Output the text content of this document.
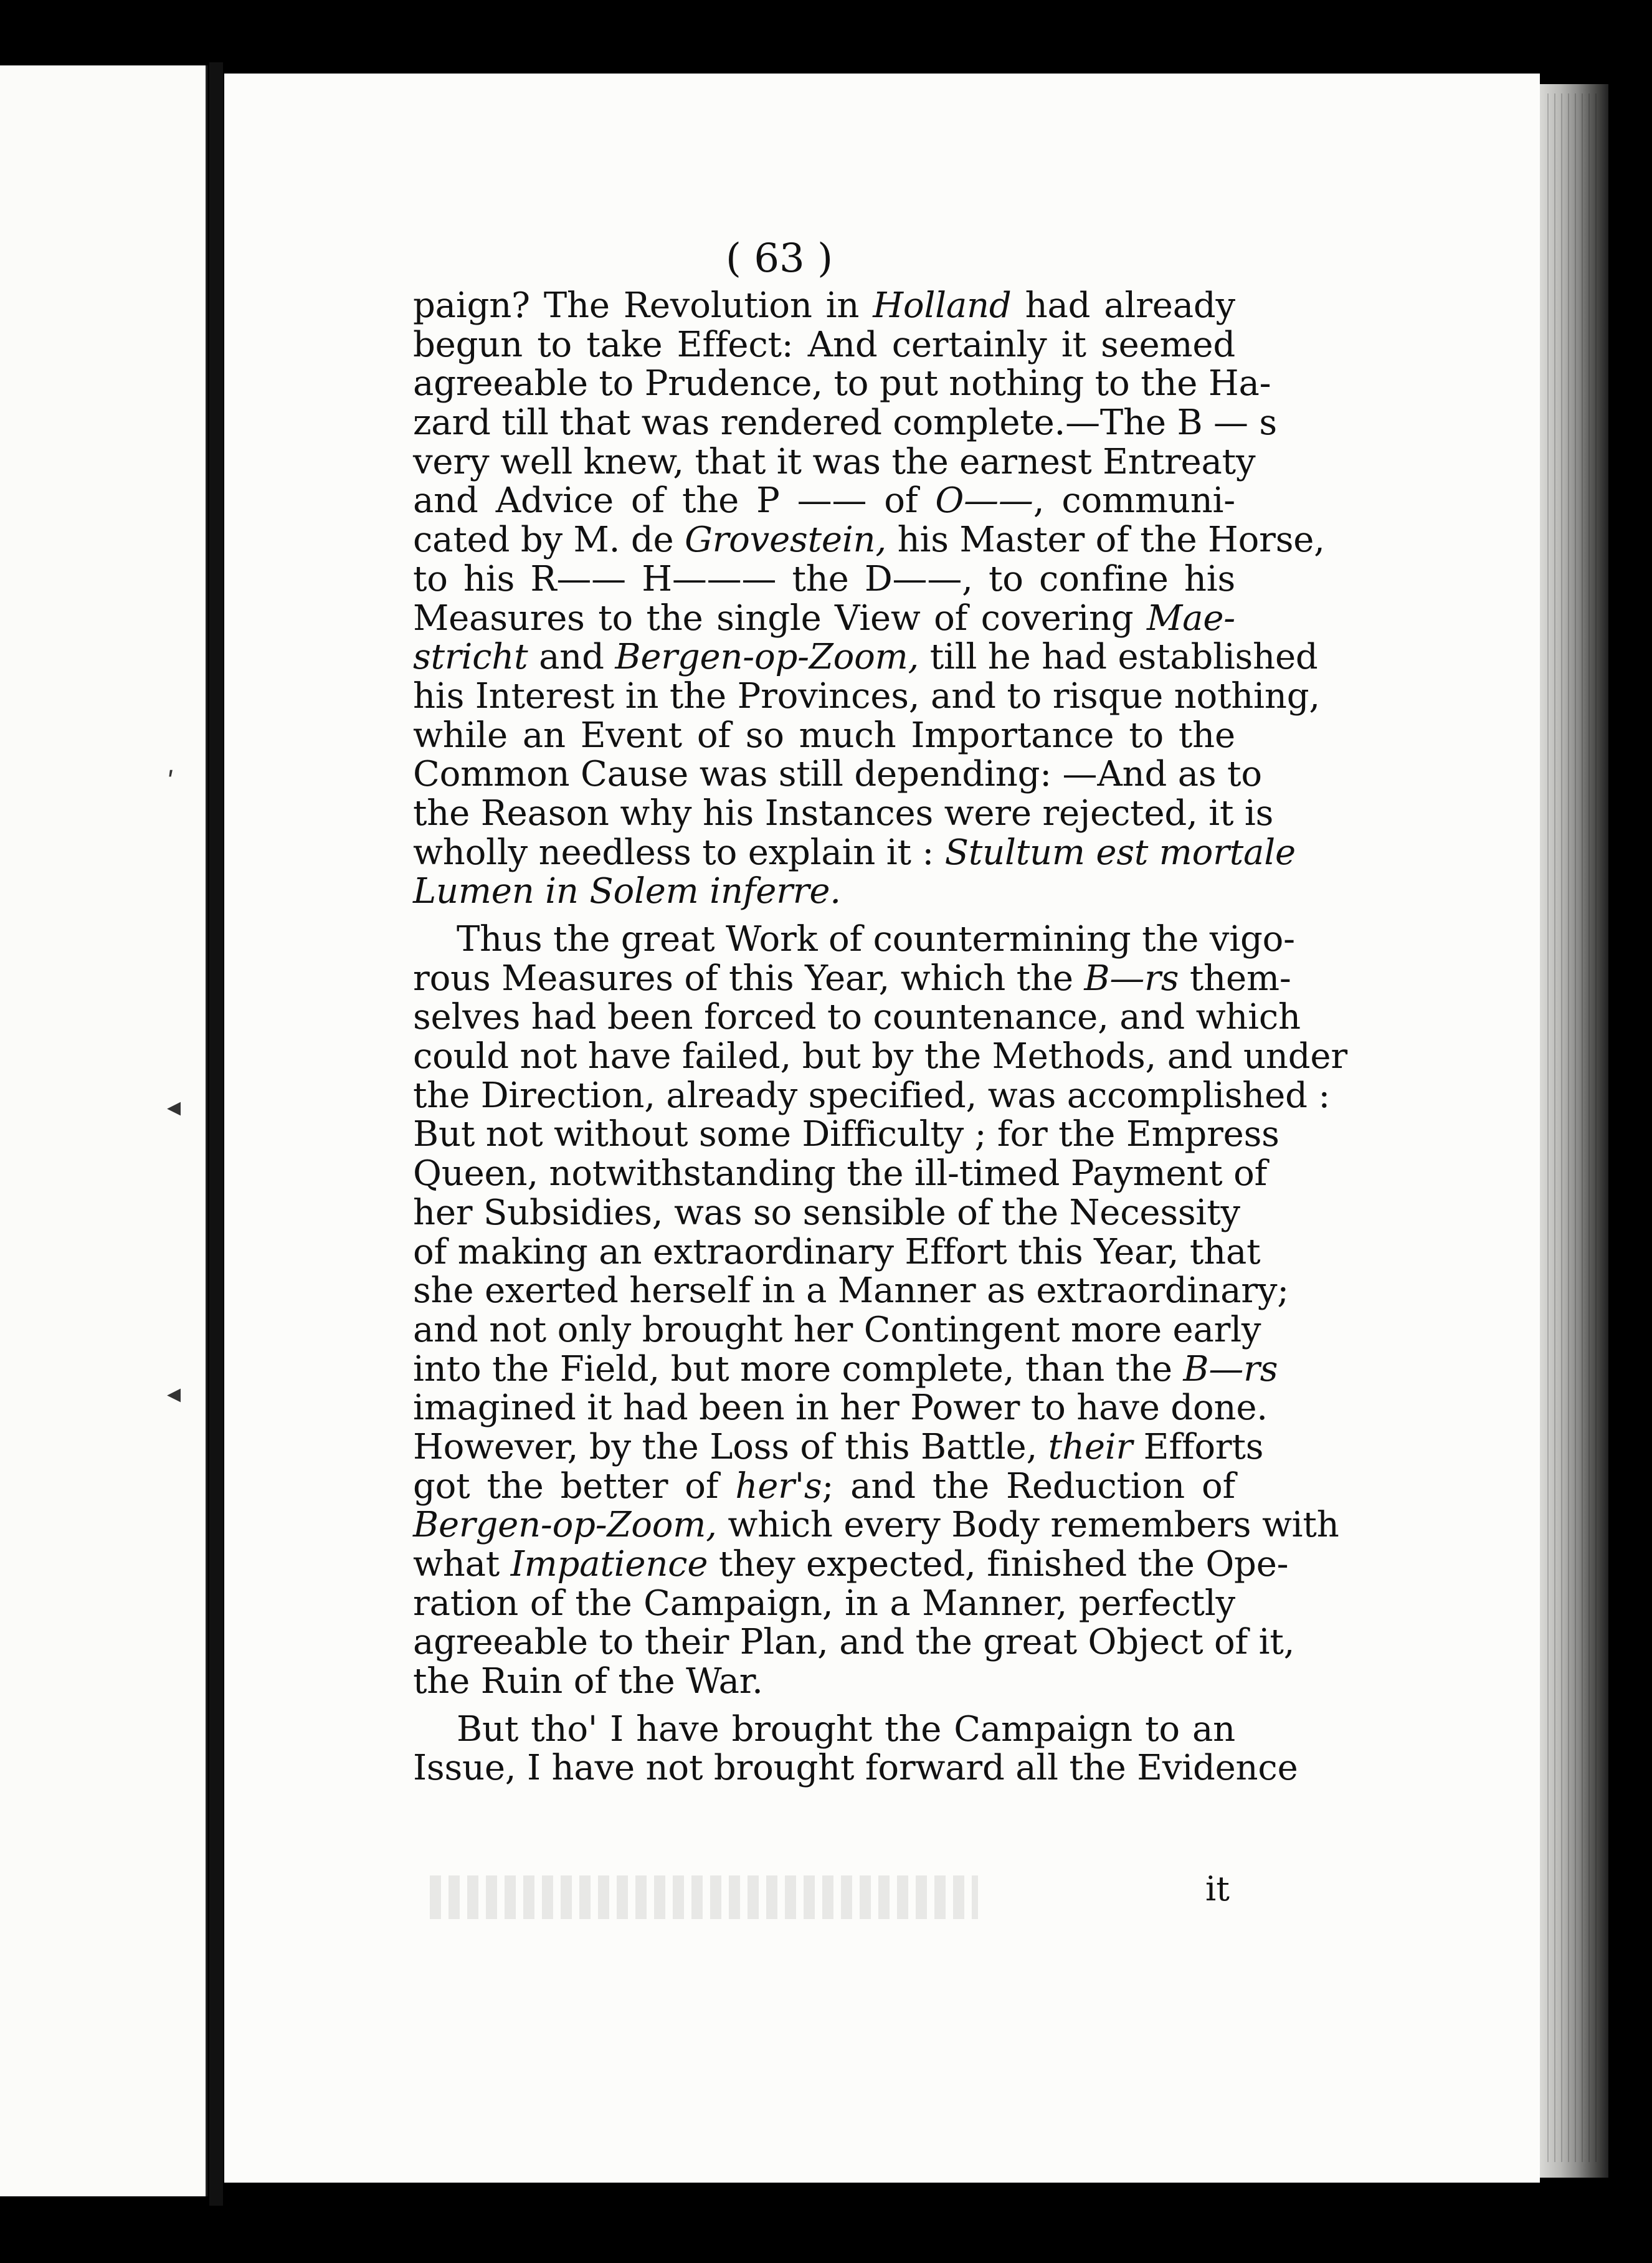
ʹ
◂
◂
( 63 )
paign? The Revolution in Holland had already
begun to take Effect: And certainly it seemed
agreeable to Prudence, to put nothing to the Ha-
zard till that was rendered complete.—The B — s
very well knew, that it was the earnest Entreaty
and Advice of the P —— of O——, communi-
cated by M. de Grovestein, his Master of the Horse,
to his R—— H——— the D——, to confine his
Measures to the single View of covering Mae-
stricht and Bergen-op-Zoom, till he had established
his Interest in the Provinces, and to risque nothing,
while an Event of so much Importance to the
Common Cause was still depending: —And as to
the Reason why his Instances were rejected, it is
wholly needless to explain it : Stultum est mortale
Lumen in Solem inferre.
Thus the great Work of countermining the vigo-
rous Measures of this Year, which the B—rs them-
selves had been forced to countenance, and which
could not have failed, but by the Methods, and under
the Direction, already specified, was accomplished :
But not without some Difficulty ; for the Empress
Queen, notwithstanding the ill-timed Payment of
her Subsidies, was so sensible of the Necessity
of making an extraordinary Effort this Year, that
she exerted herself in a Manner as extraordinary;
and not only brought her Contingent more early
into the Field, but more complete, than the B—rs
imagined it had been in her Power to have done.
However, by the Loss of this Battle, their Efforts
got the better of her's; and the Reduction of
Bergen-op-Zoom, which every Body remembers with
what Impatience they expected, finished the Ope-
ration of the Campaign, in a Manner, perfectly
agreeable to their Plan, and the great Object of it,
the Ruin of the War.
But tho' I have brought the Campaign to an
Issue, I have not brought forward all the Evidence
it
